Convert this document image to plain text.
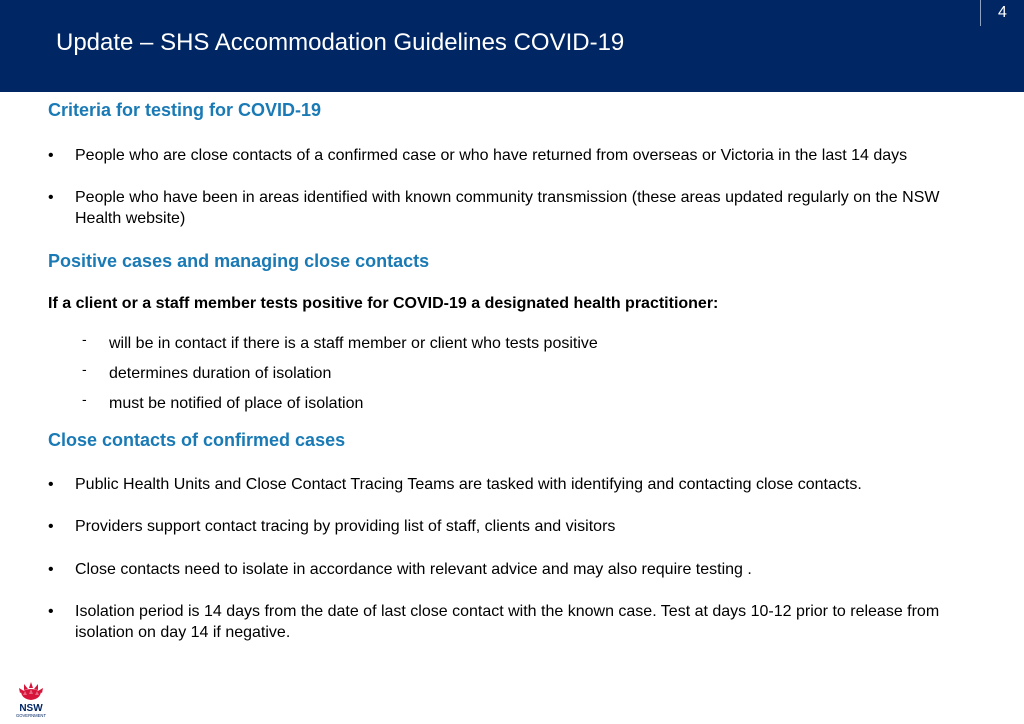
Update – SHS Accommodation Guidelines COVID-19
4
Criteria for testing for COVID-19
• People who are close contacts of a confirmed case or who have returned from overseas or Victoria in the last 14 days
• People who have been in areas identified with known community transmission (these areas updated regularly on the NSW Health website)
Positive cases and managing close contacts
If a client or a staff member tests positive for COVID-19 a designated health practitioner:
- will be in contact if there is a staff member or client who tests positive
- determines duration of isolation
- must be notified of place of isolation
Close contacts of confirmed cases
• Public Health Units and Close Contact Tracing Teams are tasked with identifying and contacting close contacts.
• Providers support contact tracing by providing list of staff, clients and visitors
• Close contacts need to isolate in accordance with relevant advice and may also require testing .
• Isolation period is 14 days from the date of last close contact with the known case. Test at days 10-12 prior to release from isolation on day 14 if negative.
NSW
GOVERNMENT
